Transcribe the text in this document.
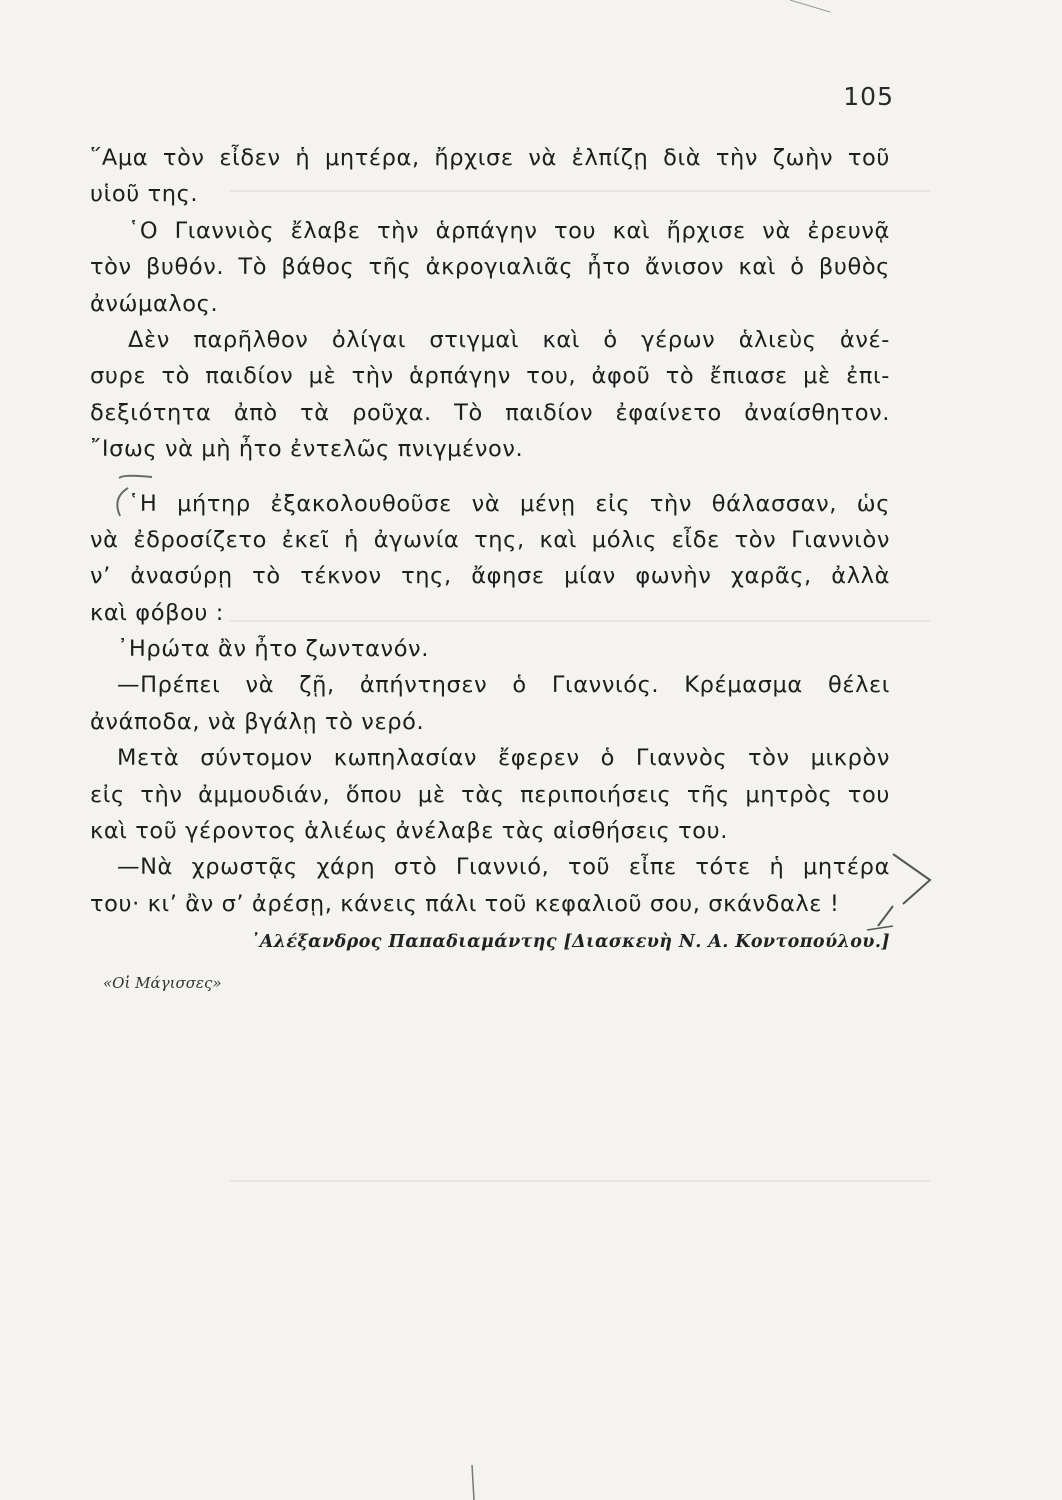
105
῞Αμα τὸν εἶδεν ἡ μητέρα, ἤρχισε νὰ ἐλπίζῃ διὰ τὴν ζωὴν τοῦ
υἱοῦ της.
῾Ο Γιαννιὸς ἔλαβε τὴν ἁρπάγην του καὶ ἤρχισε νὰ ἐρευνᾷ
τὸν βυθόν. Τὸ βάθος τῆς ἀκρογιαλιᾶς ἦτο ἄνισον καὶ ὁ βυθὸς
ἀνώμαλος.
Δὲν παρῆλθον ὀλίγαι στιγμαὶ καὶ ὁ γέρων ἁλιεὺς ἀνέ-
συρε τὸ παιδίον μὲ τὴν ἁρπάγην του, ἀφοῦ τὸ ἔπιασε μὲ ἐπι-
δεξιότητα ἀπὸ τὰ ροῦχα. Τὸ παιδίον ἐφαίνετο ἀναίσθητον.
῎Ισως νὰ μὴ ἦτο ἐντελῶς πνιγμένον.
῾Η μήτηρ ἐξακολουθοῦσε νὰ μένῃ εἰς τὴν θάλασσαν, ὡς
νὰ ἐδροσίζετο ἐκεῖ ἡ ἀγωνία της, καὶ μόλις εἶδε τὸν Γιαννιὸν
ν’ ἀνασύρῃ τὸ τέκνον της, ἄφησε μίαν φωνὴν χαρᾶς, ἀλλὰ
καὶ φόβου :
᾿Ηρώτα ἂν ἦτο ζωντανόν.
—Πρέπει νὰ ζῇ, ἀπήντησεν ὁ Γιαννιός. Κρέμασμα θέλει
ἀνάποδα, νὰ βγάλῃ τὸ νερό.
Μετὰ σύντομον κωπηλασίαν ἔφερεν ὁ Γιαννὸς τὸν μικρὸν
εἰς τὴν ἀμμουδιάν, ὅπου μὲ τὰς περιποιήσεις τῆς μητρὸς του
καὶ τοῦ γέροντος ἁλιέως ἀνέλαβε τὰς αἰσθήσεις του.
—Νὰ χρωστᾷς χάρη στὸ Γιαννιό, τοῦ εἶπε τότε ἡ μητέρα
του· κι’ ἂν σ’ ἀρέσῃ, κάνεις πάλι τοῦ κεφαλιοῦ σου, σκάνδαλε !
᾿Αλέξανδρος Παπαδιαμάντης [Διασκευὴ Ν. Α. Κοντοπούλου.]
«Οἱ Μάγισσες»
